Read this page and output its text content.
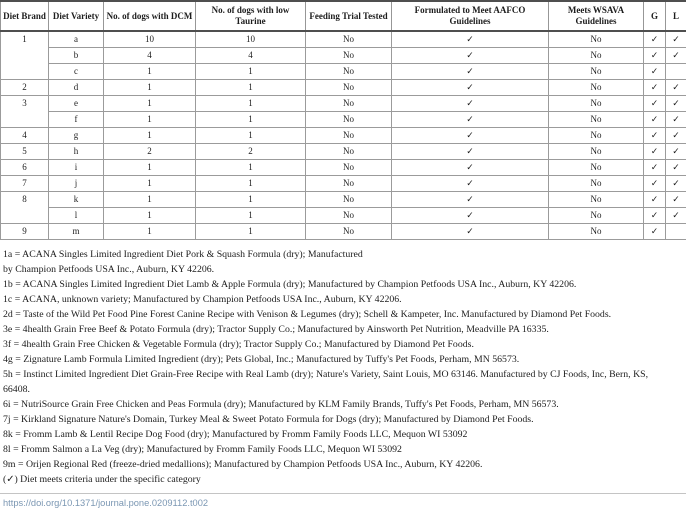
Diet Brand	Diet Variety	No. of dogs with DCM	No. of dogs with low Taurine	Feeding Trial Tested	Formulated to Meet AAFCO Guidelines	Meets WSAVA Guidelines	G	L
1	a	10	10	No	✓	No	✓	✓
	b	4	4	No	✓	No	✓	✓
	c	1	1	No	✓	No	✓	
2	d	1	1	No	✓	No	✓	✓
3	e	1	1	No	✓	No	✓	✓
	f	1	1	No	✓	No	✓	✓
4	g	1	1	No	✓	No	✓	✓
5	h	2	2	No	✓	No	✓	✓
6	i	1	1	No	✓	No	✓	✓
7	j	1	1	No	✓	No	✓	✓
8	k	1	1	No	✓	No	✓	✓
	l	1	1	No	✓	No	✓	✓
9	m	1	1	No	✓	No	✓	
1a = ACANA Singles Limited Ingredient Diet Pork & Squash Formula (dry); Manufactured
by Champion Petfoods USA Inc., Auburn, KY 42206.
1b = ACANA Singles Limited Ingredient Diet Lamb & Apple Formula (dry); Manufactured by Champion Petfoods USA Inc., Auburn, KY 42206.
1c = ACANA, unknown variety; Manufactured by Champion Petfoods USA Inc., Auburn, KY 42206.
2d = Taste of the Wild Pet Food Pine Forest Canine Recipe with Venison & Legumes (dry); Schell & Kampeter, Inc. Manufactured by Diamond Pet Foods.
3e = 4health Grain Free Beef & Potato Formula (dry); Tractor Supply Co.; Manufactured by Ainsworth Pet Nutrition, Meadville PA 16335.
3f = 4health Grain Free Chicken & Vegetable Formula (dry); Tractor Supply Co.; Manufactured by Diamond Pet Foods.
4g = Zignature Lamb Formula Limited Ingredient (dry); Pets Global, Inc.; Manufactured by Tuffy's Pet Foods, Perham, MN 56573.
5h = Instinct Limited Ingredient Diet Grain-Free Recipe with Real Lamb (dry); Nature's Variety, Saint Louis, MO 63146. Manufactured by CJ Foods, Inc, Bern, KS,
66408.
6i = NutriSource Grain Free Chicken and Peas Formula (dry); Manufactured by KLM Family Brands, Tuffy's Pet Foods, Perham, MN 56573.
7j = Kirkland Signature Nature's Domain, Turkey Meal & Sweet Potato Formula for Dogs (dry); Manufactured by Diamond Pet Foods.
8k = Fromm Lamb & Lentil Recipe Dog Food (dry); Manufactured by Fromm Family Foods LLC, Mequon WI 53092
8l = Fromm Salmon a La Veg (dry); Manufactured by Fromm Family Foods LLC, Mequon WI 53092
9m = Orijen Regional Red (freeze-dried medallions); Manufactured by Champion Petfoods USA Inc., Auburn, KY 42206.
(✓) Diet meets criteria under the specific category
https://doi.org/10.1371/journal.pone.0209112.t002
